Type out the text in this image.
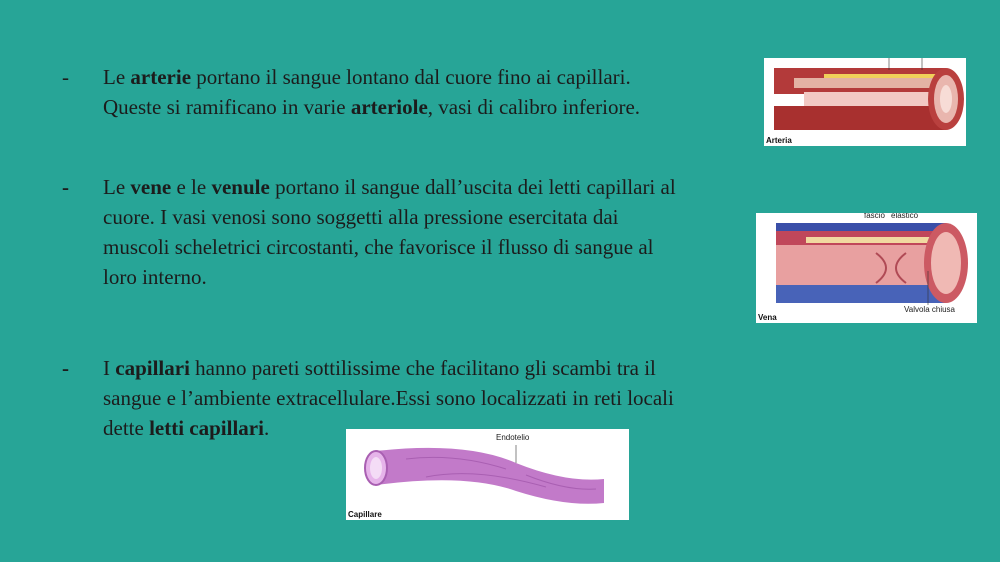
-	Le arterie portano il sangue lontano dal cuore fino ai capillari.
Queste si ramificano in varie arteriole, vasi di calibro inferiore.
-	Le vene e le venule portano il sangue dall’uscita dei letti capillari al
cuore. I vasi venosi sono soggetti alla pressione esercitata dai
muscoli scheletrici circostanti, che favorisce il flusso di sangue al
loro interno.
-	I capillari hanno pareti sottilissime che facilitano gli scambi tra il
sangue e l’ambiente extracellulare.Essi sono localizzati in reti locali
dette letti capillari.
Arteria
fascio elastico
Valvola chiusa
Vena
Endotelio
Capillare
